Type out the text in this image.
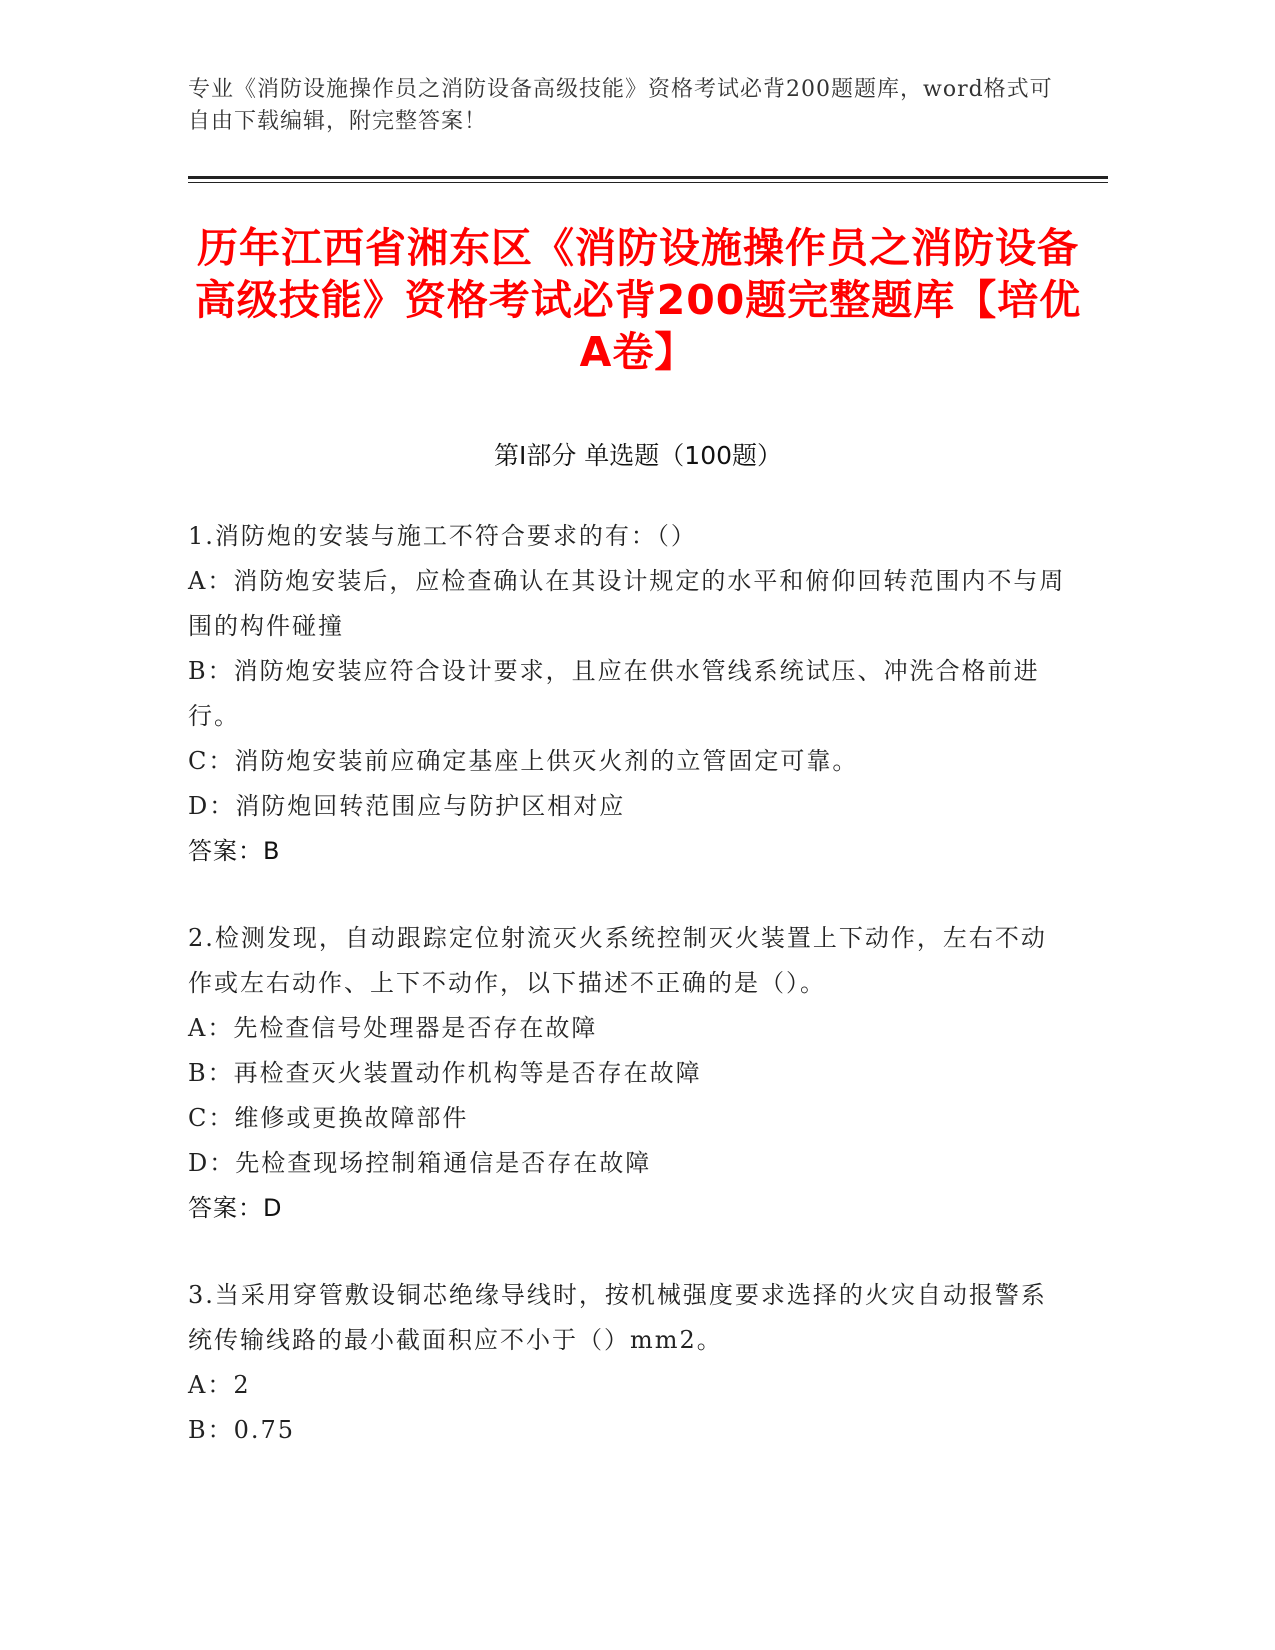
专业《消防设施操作员之消防设备高级技能》资格考试必背200题题库，word格式可自由下载编辑，附完整答案！
历年江西省湘东区《消防设施操作员之消防设备高级技能》资格考试必背200题完整题库【培优A卷】
第I部分 单选题（100题）
1.消防炮的安装与施工不符合要求的有：（）
A：消防炮安装后，应检查确认在其设计规定的水平和俯仰回转范围内不与周围的构件碰撞
B：消防炮安装应符合设计要求，且应在供水管线系统试压、冲洗合格前进行。
C：消防炮安装前应确定基座上供灭火剂的立管固定可靠。
D：消防炮回转范围应与防护区相对应
答案：B
2.检测发现，自动跟踪定位射流灭火系统控制灭火装置上下动作，左右不动作或左右动作、上下不动作，以下描述不正确的是（）。
A：先检查信号处理器是否存在故障
B：再检查灭火装置动作机构等是否存在故障
C：维修或更换故障部件
D：先检查现场控制箱通信是否存在故障
答案：D
3.当采用穿管敷设铜芯绝缘导线时，按机械强度要求选择的火灾自动报警系统传输线路的最小截面积应不小于（）mm2。
A：2
B：0.75
